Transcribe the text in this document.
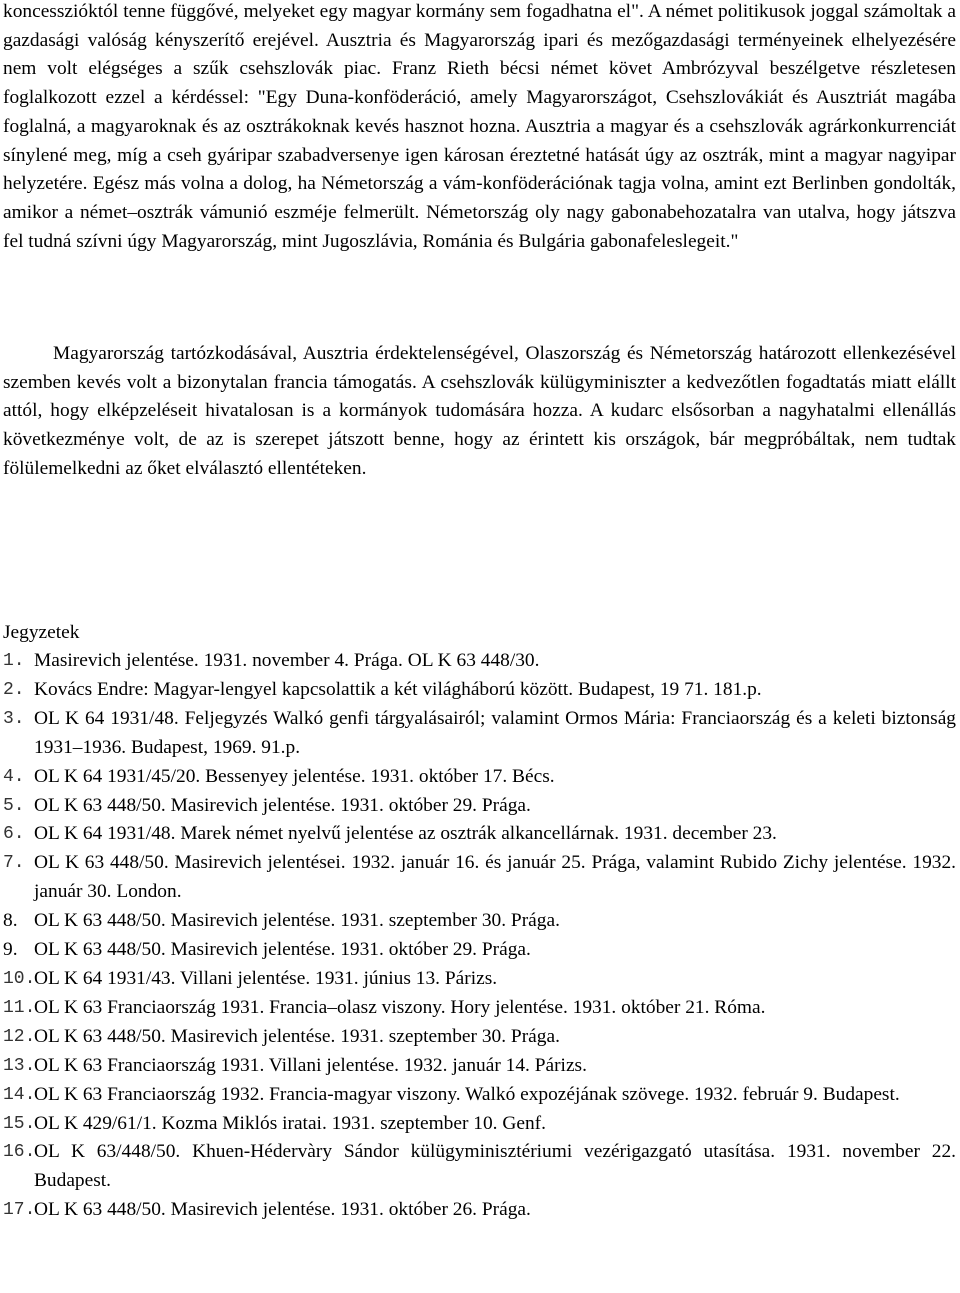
koncesszióktól tenne függővé, melyeket egy magyar kormány sem fogadhatna el". A német politikusok joggal számoltak a gazdasági valóság kényszerítő erejével. Ausztria és Magyarország ipari és mezőgazdasági terményeinek elhelyezésére nem volt elégséges a szűk csehszlovák piac. Franz Rieth bécsi német követ Ambrózyval beszélgetve részletesen foglalkozott ezzel a kérdéssel: "Egy Duna-konföderáció, amely Magyarországot, Csehszlovákiát és Ausztriát magába foglalná, a magyaroknak és az osztrákoknak kevés hasznot hozna. Ausztria a magyar és a csehszlovák agrárkonkurrenciát sínylené meg, míg a cseh gyáripar szabadversenye igen károsan éreztetné hatását úgy az osztrák, mint a magyar nagyipar helyzetére. Egész más volna a dolog, ha Németország a vám-konföderációnak tagja volna, amint ezt Berlinben gondolták, amikor a német–osztrák vámunió eszméje felmerült. Németország oly nagy gabonabehozatalra van utalva, hogy játszva fel tudná szívni úgy Magyarország, mint Jugoszlávia, Románia és Bulgária gabonafeleslegeit."

Magyarország tartózkodásával, Ausztria érdektelenségével, Olaszország és Németország határozott ellenkezésével szemben kevés volt a bizonytalan francia támogatás. A csehszlovák külügyminiszter a kedvezőtlen fogadtatás miatt elállt attól, hogy elképzeléseit hivatalosan is a kormányok tudomására hozza. A kudarc elsősorban a nagyhatalmi ellenállás következménye volt, de az is szerepet játszott benne, hogy az érintett kis országok, bár megpróbáltak, nem tudtak fölülemelkedni az őket elválasztó ellentéteken.

Jegyzetek
1. Masirevich jelentése. 1931. november 4. Prága. OL K 63 448/30.
2. Kovács Endre: Magyar-lengyel kapcsolattik a két világháború között. Budapest, 19 71. 181.p.
3. OL K 64 1931/48. Feljegyzés Walkó genfi tárgyalásairól; valamint Ormos Mária: Franciaország és a keleti biztonság 1931–1936. Budapest, 1969. 91.p.
4. OL K 64 1931/45/20. Bessenyey jelentése. 1931. október 17. Bécs.
5. OL K 63 448/50. Masirevich jelentése. 1931. október 29. Prága.
6. OL K 64 1931/48. Marek német nyelvű jelentése az osztrák alkancellárnak. 1931. december 23.
7. OL K 63 448/50. Masirevich jelentései. 1932. január 16. és január 25. Prága, valamint Rubido Zichy jelentése. 1932. január 30. London.
8. OL K 63 448/50. Masirevich jelentése. 1931. szeptember 30. Prága.
9. OL K 63 448/50. Masirevich jelentése. 1931. október 29. Prága.
10.
OL K 64 1931/43. Villani jelentése. 1931. június 13. Párizs.
11.
OL K 63 Franciaország 1931. Francia–olasz viszony. Hory jelentése. 1931. október 21. Róma.
12.
OL K 63 448/50. Masirevich jelentése. 1931. szeptember 30. Prága.
13.
OL K 63 Franciaország 1931. Villani jelentése. 1932. január 14. Párizs.
14.
OL K 63 Franciaország 1932. Francia-magyar viszony. Walkó expozéjának szövege. 1932. február 9. Budapest.
15.
OL K 429/61/1. Kozma Miklós iratai. 1931. szeptember 10. Genf.
16.
OL K 63/448/50. Khuen-Hédervàry Sándor külügyminisztériumi vezérigazgató utasítása. 1931. november 22. Budapest.
17.
OL K 63 448/50. Masirevich jelentése. 1931. október 26. Prága.
